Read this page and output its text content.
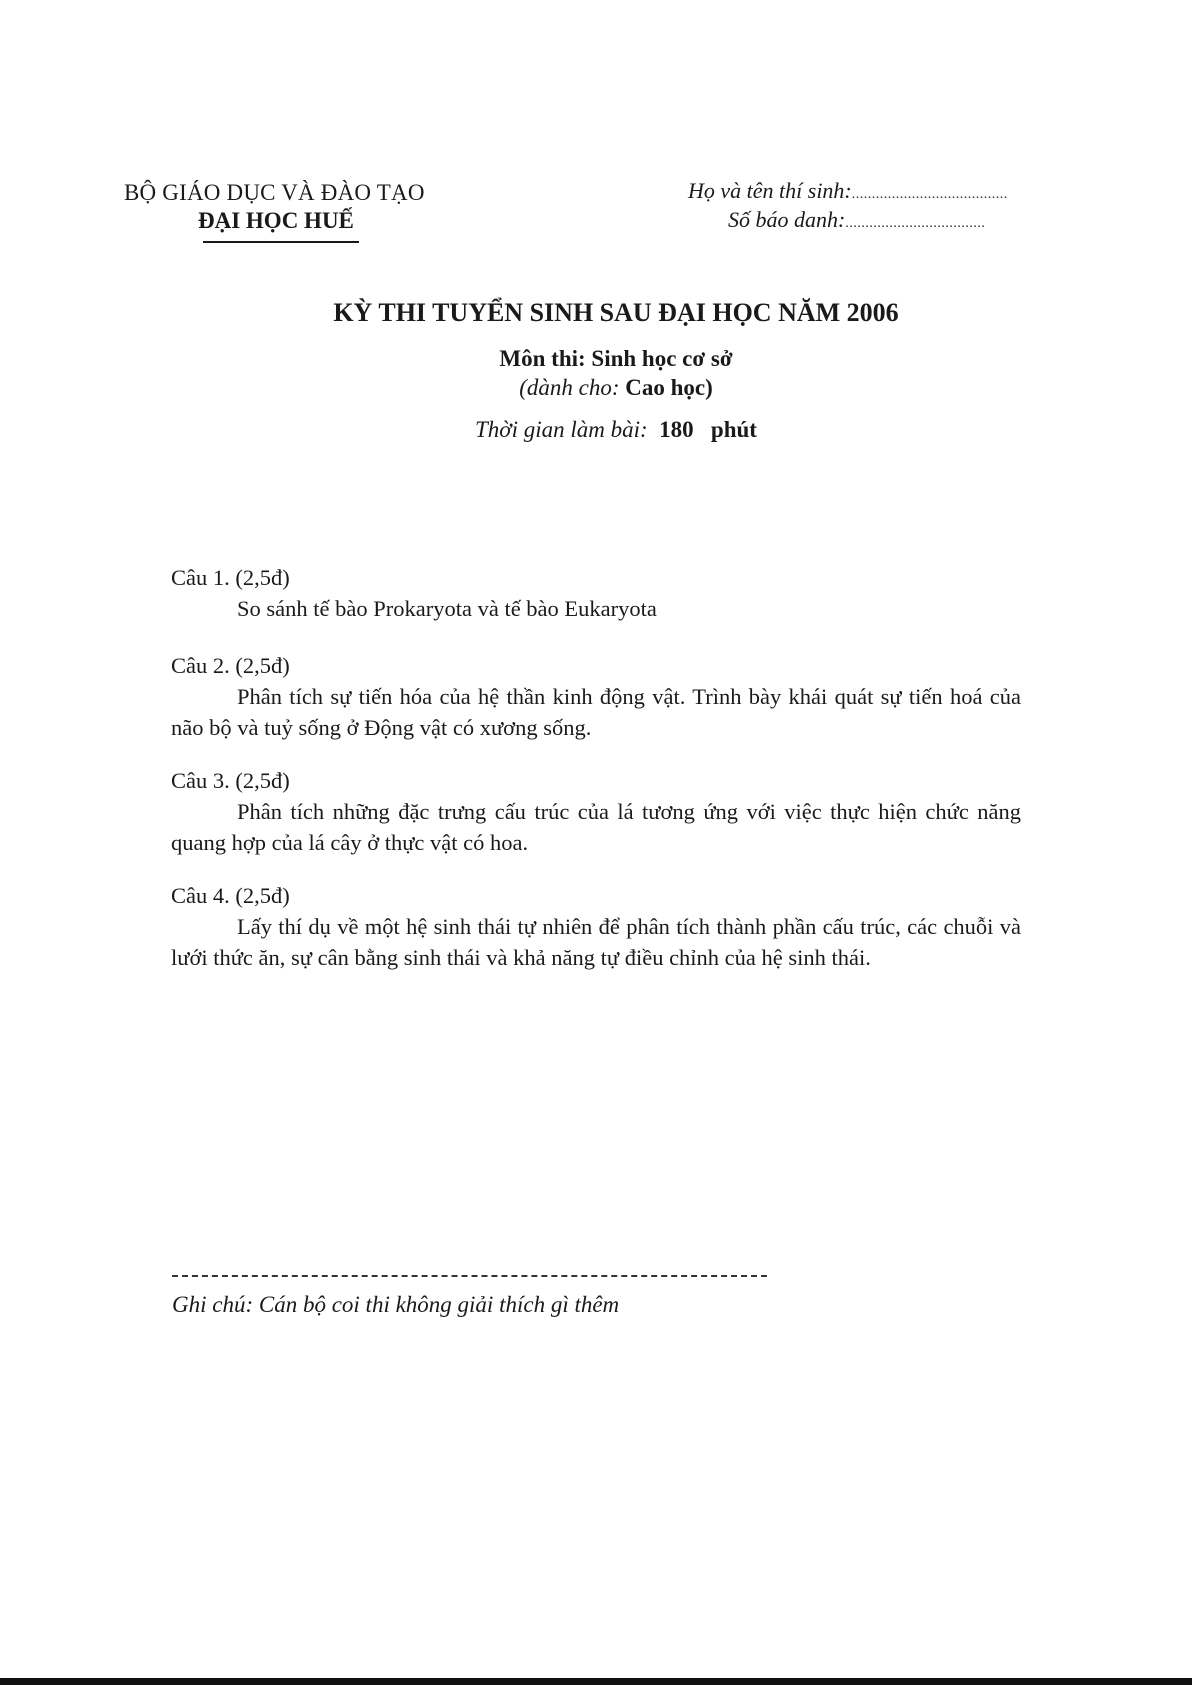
BỘ GIÁO DỤC VÀ ĐÀO TẠO
ĐẠI HỌC HUẾ
Họ và tên thí sinh:.......................................
Số báo danh:...................................
KỲ THI TUYỂN SINH SAU ĐẠI HỌC NĂM 2006
Môn thi: Sinh học cơ sở
(dành cho: Cao học)
Thời gian làm bài: 180 phút
Câu 1. (2,5đ)
So sánh tế bào Prokaryota và tế bào Eukaryota
Câu 2. (2,5đ)
Phân tích sự tiến hóa của hệ thần kinh động vật. Trình bày khái quát sự tiến hoá của não bộ và tuỷ sống ở Động vật có xương sống.
Câu 3. (2,5đ)
Phân tích những đặc trưng cấu trúc của lá tương ứng với việc thực hiện chức năng quang hợp của lá cây ở thực vật có hoa.
Câu 4. (2,5đ)
Lấy thí dụ về một hệ sinh thái tự nhiên để phân tích thành phần cấu trúc, các chuỗi và lưới thức ăn, sự cân bằng sinh thái và khả năng tự điều chỉnh của hệ sinh thái.
Ghi chú: Cán bộ coi thi không giải thích gì thêm
